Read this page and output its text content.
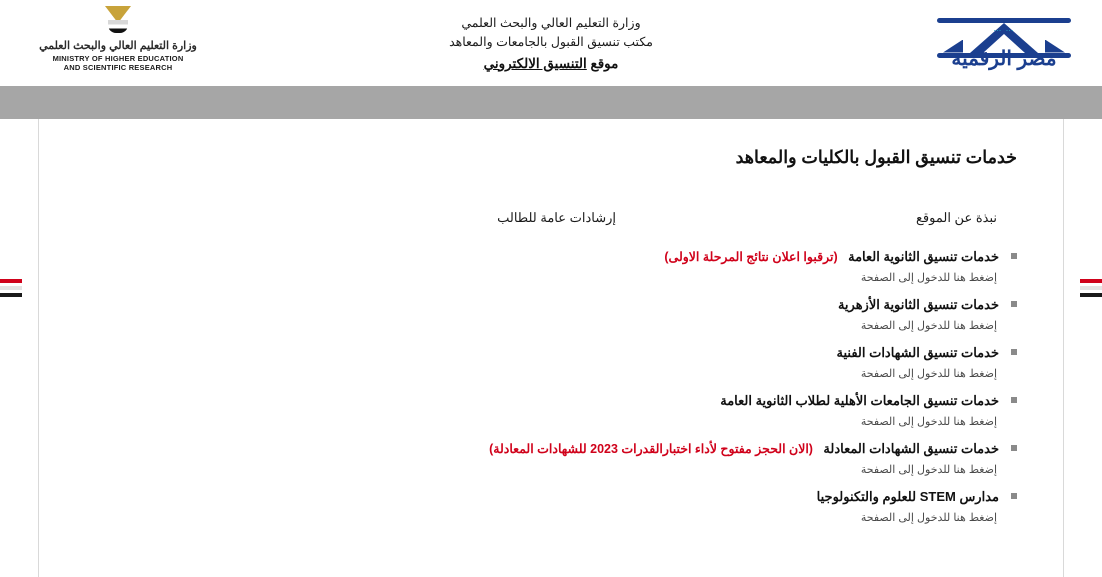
وزارة التعليم العالي والبحث العلمي
MINISTRY OF HIGHER EDUCATION
AND SCIENTIFIC RESEARCH
وزارة التعليم العالي والبحث العلمي
مكتب تنسيق القبول بالجامعات والمعاهد
موقع التنسيق الالكتروني
⋯ ⋯
مصر الرقمية
خدمات تنسيق القبول بالكليات والمعاهد
نبذة عن الموقع
إرشادات عامة للطالب
خدمات تنسيق الثانوية العامة (ترقبوا اعلان نتائج المرحلة الاولى)
إضغط هنا للدخول إلى الصفحة
خدمات تنسيق الثانوية الأزهرية
إضغط هنا للدخول إلى الصفحة
خدمات تنسيق الشهادات الفنية
إضغط هنا للدخول إلى الصفحة
خدمات تنسيق الجامعات الأهلية لطلاب الثانوية العامة
إضغط هنا للدخول إلى الصفحة
خدمات تنسيق الشهادات المعادلة (الان الحجز مفتوح لأداء اختبارالقدرات 2023 للشهادات المعادلة)
إضغط هنا للدخول إلى الصفحة
مدارس STEM للعلوم والتكنولوجيا
إضغط هنا للدخول إلى الصفحة
